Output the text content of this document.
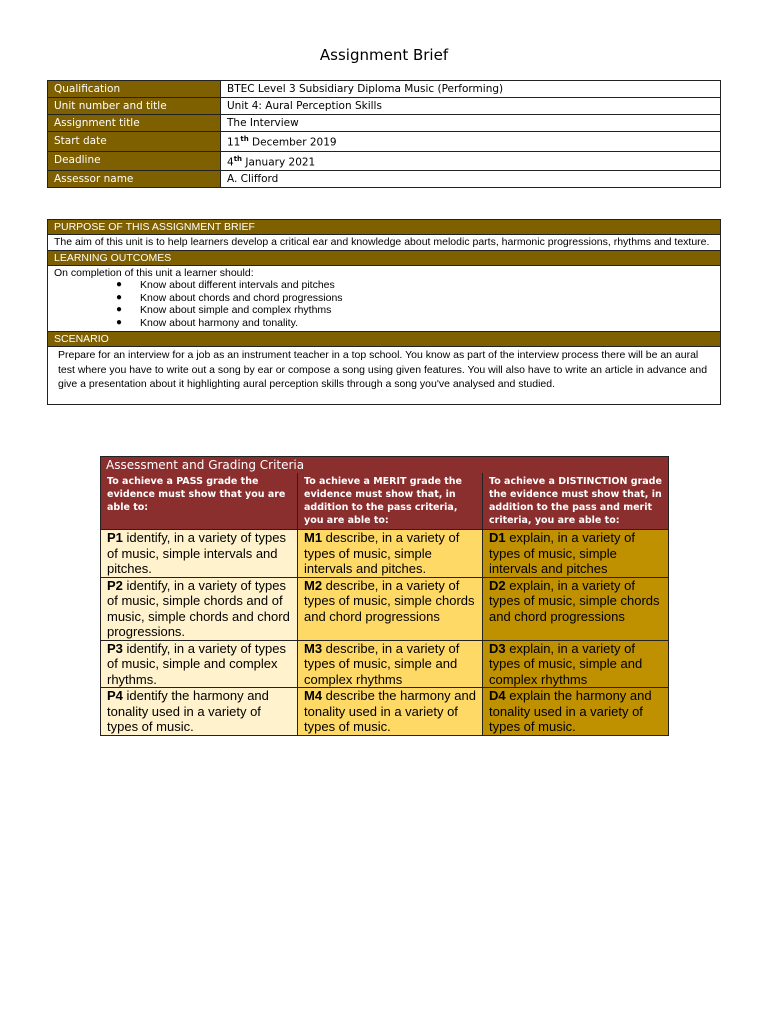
Assignment Brief
Qualification	BTEC Level 3 Subsidiary Diploma Music (Performing)
Unit number and title	Unit 4: Aural Perception Skills
Assignment title	The Interview
Start date	11th December 2019
Deadline	4th January 2021
Assessor name	A. Clifford
PURPOSE OF THIS ASSIGNMENT BRIEF
The aim of this unit is to help learners develop a critical ear and knowledge about melodic parts, harmonic progressions, rhythms and texture.
LEARNING OUTCOMES
On completion of this unit a learner should:
● Know about different intervals and pitches
● Know about chords and chord progressions
● Know about simple and complex rhythms
● Know about harmony and tonality.
SCENARIO
Prepare for an interview for a job as an instrument teacher in a top school. You know as part of the interview process there will be an aural test where you have to write out a song by ear or compose a song using given features. You will also have to write an article in advance and give a presentation about it highlighting aural perception skills through a song you've analysed and studied.
Assessment and Grading Criteria		
To achieve a PASS grade the evidence must show that you are able to:	To achieve a MERIT grade the evidence must show that, in addition to the pass criteria, you are able to:	To achieve a DISTINCTION grade the evidence must show that, in addition to the pass and merit criteria, you are able to:
P1 identify, in a variety of types of music, simple intervals and pitches.	M1 describe, in a variety of types of music, simple intervals and pitches.	D1 explain, in a variety of types of music, simple intervals and pitches
P2 identify, in a variety of types of music, simple chords and of music, simple chords and chord progressions.	M2 describe, in a variety of types of music, simple chords and chord progressions	D2 explain, in a variety of types of music, simple chords and chord progressions
P3 identify, in a variety of types of music, simple and complex rhythms.	M3 describe, in a variety of types of music, simple and complex rhythms	D3 explain, in a variety of types of music, simple and complex rhythms
P4 identify the harmony and tonality used in a variety of types of music.	M4 describe the harmony and tonality used in a variety of types of music.	D4 explain the harmony and tonality used in a variety of types of music.
